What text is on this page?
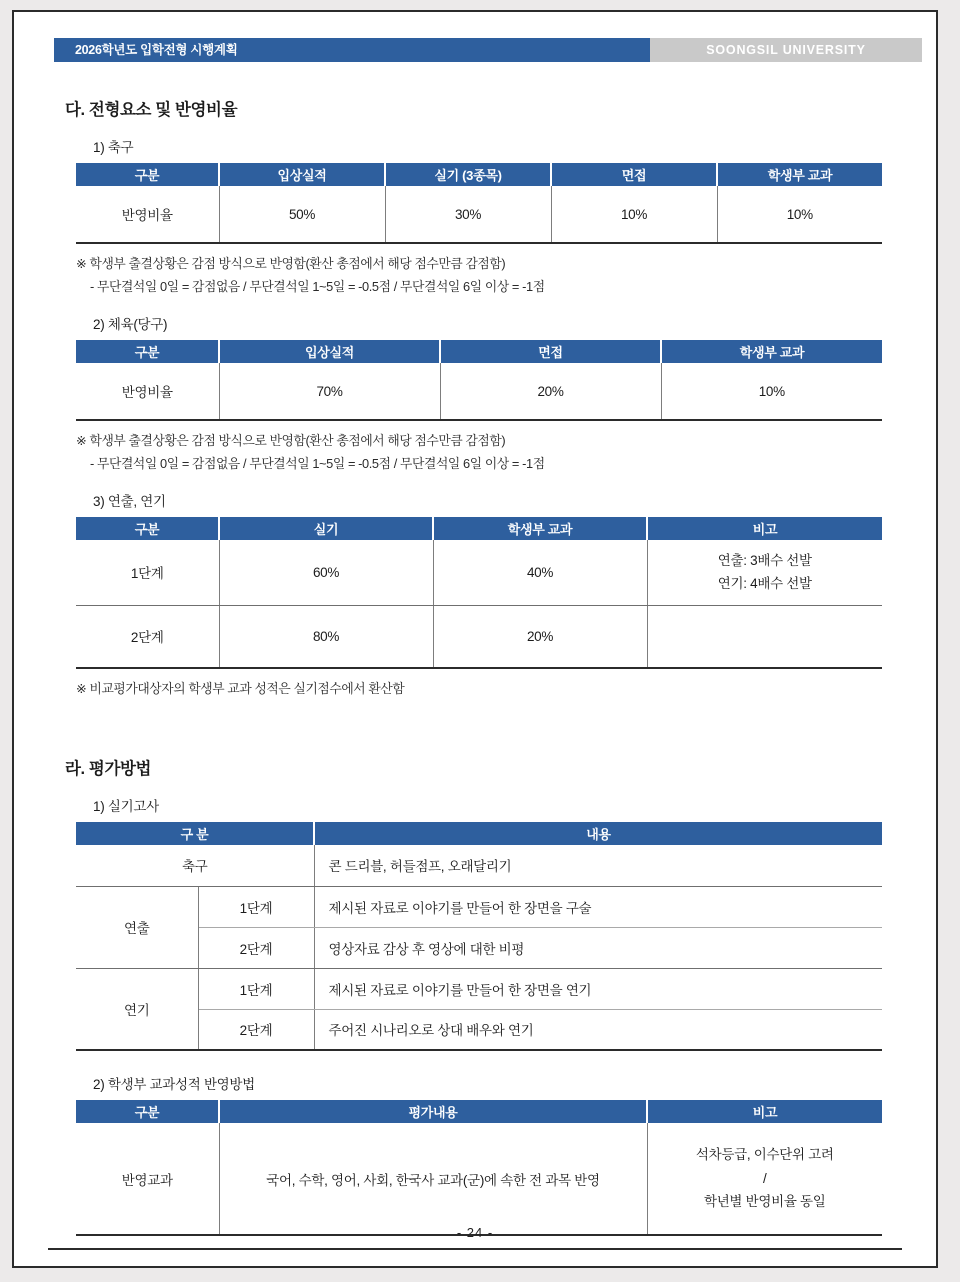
2026학년도 입학전형 시행계획	SOONGSIL UNIVERSITY
다. 전형요소 및 반영비율
1) 축구
구분	입상실적	실기 (3종목)	면접	학생부 교과
반영비율	50%	30%	10%	10%
※ 학생부 출결상황은 감점 방식으로 반영함(환산 총점에서 해당 점수만큼 감점함)
- 무단결석일 0일 = 감점없음 / 무단결석일 1~5일 = -0.5점 / 무단결석일 6일 이상 = -1점
2) 체육(당구)
구분	입상실적	면접	학생부 교과
반영비율	70%	20%	10%
※ 학생부 출결상황은 감점 방식으로 반영함(환산 총점에서 해당 점수만큼 감점함)
- 무단결석일 0일 = 감점없음 / 무단결석일 1~5일 = -0.5점 / 무단결석일 6일 이상 = -1점
3) 연출, 연기
구분	실기	학생부 교과	비고
1단계	60%	40%	연출: 3배수 선발
연기: 4배수 선발

2단계	80%	20%	
※ 비교평가대상자의 학생부 교과 성적은 실기점수에서 환산함
라. 평가방법
1) 실기고사
구 분		내용
축구		콘 드리블, 허들점프, 오래달리기
연출	1단계	제시된 자료로 이야기를 만들어 한 장면을 구술
	2단계	영상자료 감상 후 영상에 대한 비평
연기	1단계	제시된 자료로 이야기를 만들어 한 장면을 연기
	2단계	주어진 시나리오로 상대 배우와 연기
2) 학생부 교과성적 반영방법
구분	평가내용	비고
반영교과	국어, 수학, 영어, 사회, 한국사 교과(군)에 속한 전 과목 반영	석차등급, 이수단위 고려
/
학년별 반영비율 동일
- 24 -
